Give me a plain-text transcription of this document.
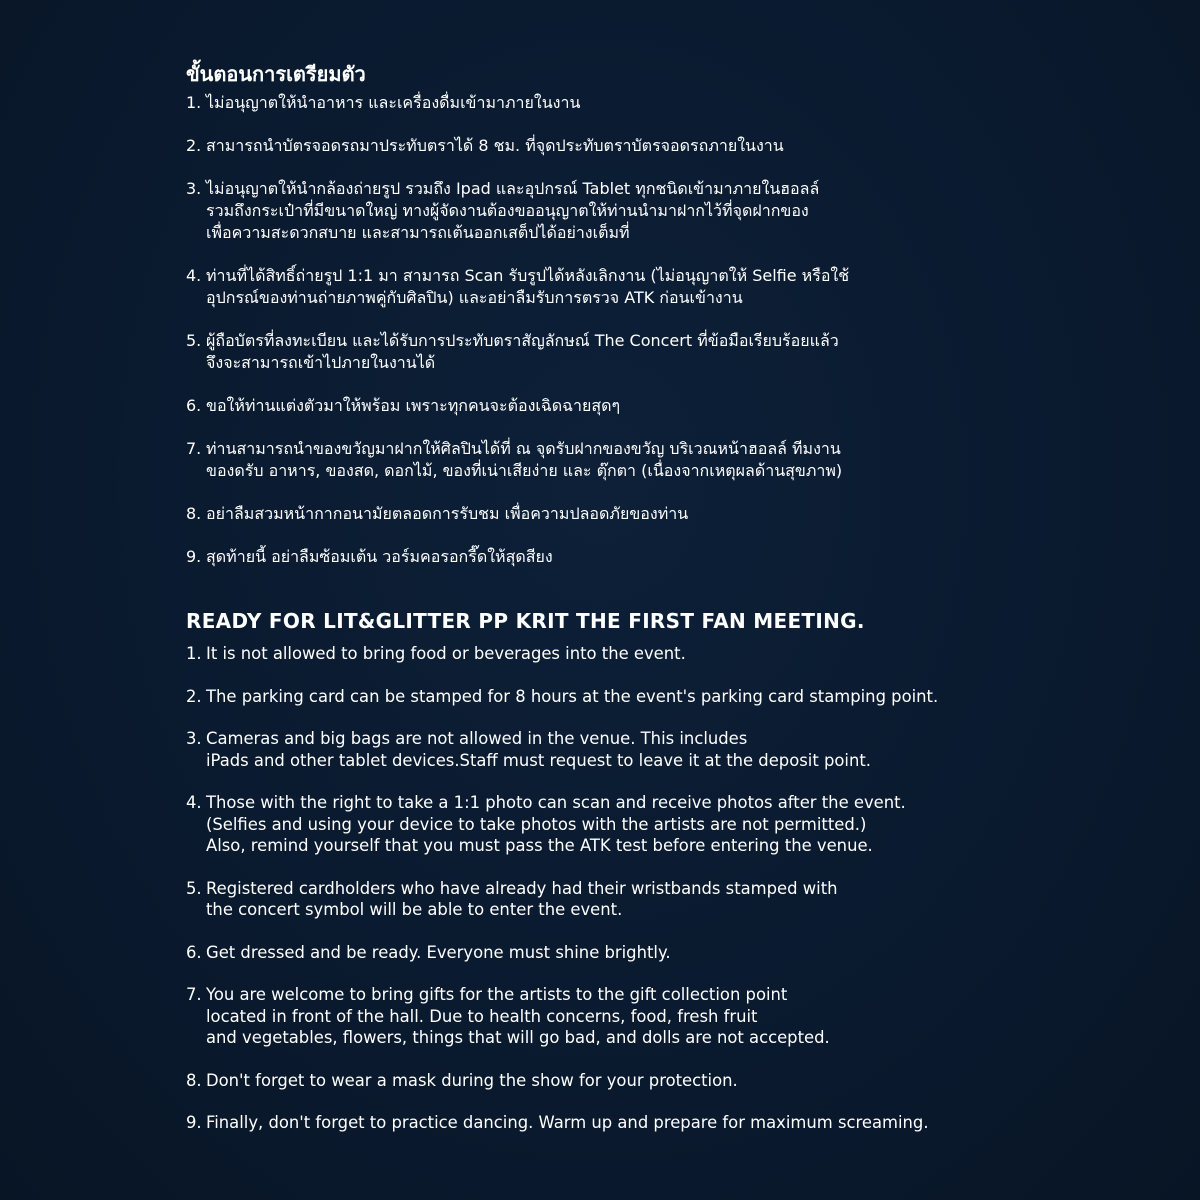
ขั้นตอนการเตรียมตัว
1. ไม่อนุญาตให้นำอาหาร และเครื่องดื่มเข้ามาภายในงาน
2. สามารถนำบัตรจอดรถมาประทับตราได้ 8 ชม. ที่จุดประทับตราบัตรจอดรถภายในงาน
3. ไม่อนุญาตให้นำกล้องถ่ายรูป รวมถึง Ipad และอุปกรณ์ Tablet ทุกชนิดเข้ามาภายในฮอลล์
รวมถึงกระเป๋าที่มีขนาดใหญ่ ทางผู้จัดงานต้องขออนุญาตให้ท่านนำมาฝากไว้ที่จุดฝากของ
เพื่อความสะดวกสบาย และสามารถเต้นออกเสต็ปได้อย่างเต็มที่
4. ท่านที่ได้สิทธิ์ถ่ายรูป 1:1 มา สามารถ Scan รับรูปได้หลังเลิกงาน (ไม่อนุญาตให้ Selfie หรือใช้
อุปกรณ์ของท่านถ่ายภาพคู่กับศิลปิน) และอย่าลืมรับการตรวจ ATK ก่อนเข้างาน
5. ผู้ถือบัตรที่ลงทะเบียน และได้รับการประทับตราสัญลักษณ์ The Concert ที่ข้อมือเรียบร้อยแล้ว
จึงจะสามารถเข้าไปภายในงานได้
6. ขอให้ท่านแต่งตัวมาให้พร้อม เพราะทุกคนจะต้องเฉิดฉายสุดๆ
7. ท่านสามารถนำของขวัญมาฝากให้ศิลปินได้ที่ ณ จุดรับฝากของขวัญ บริเวณหน้าฮอลล์ ทีมงาน
ของดรับ อาหาร, ของสด, ดอกไม้, ของที่เน่าเสียง่าย และ ตุ๊กตา (เนื่องจากเหตุผลด้านสุขภาพ)
8. อย่าลืมสวมหน้ากากอนามัยตลอดการรับชม เพื่อความปลอดภัยของท่าน
9. สุดท้ายนี้ อย่าลืมซ้อมเต้น วอร์มคอรอกรี๊ดให้สุดสียง
READY FOR LIT&GLITTER PP KRIT THE FIRST FAN MEETING.
1. It is not allowed to bring food or beverages into the event.
2. The parking card can be stamped for 8 hours at the event's parking card stamping point.
3. Cameras and big bags are not allowed in the venue. This includes
iPads and other tablet devices.Staff must request to leave it at the deposit point.
4. Those with the right to take a 1:1 photo can scan and receive photos after the event.
(Selfies and using your device to take photos with the artists are not permitted.)
Also, remind yourself that you must pass the ATK test before entering the venue.
5. Registered cardholders who have already had their wristbands stamped with
the concert symbol will be able to enter the event.
6. Get dressed and be ready. Everyone must shine brightly.
7. You are welcome to bring gifts for the artists to the gift collection point
located in front of the hall. Due to health concerns, food, fresh fruit
and vegetables, flowers, things that will go bad, and dolls are not accepted.
8. Don't forget to wear a mask during the show for your protection.
9. Finally, don't forget to practice dancing. Warm up and prepare for maximum screaming.
